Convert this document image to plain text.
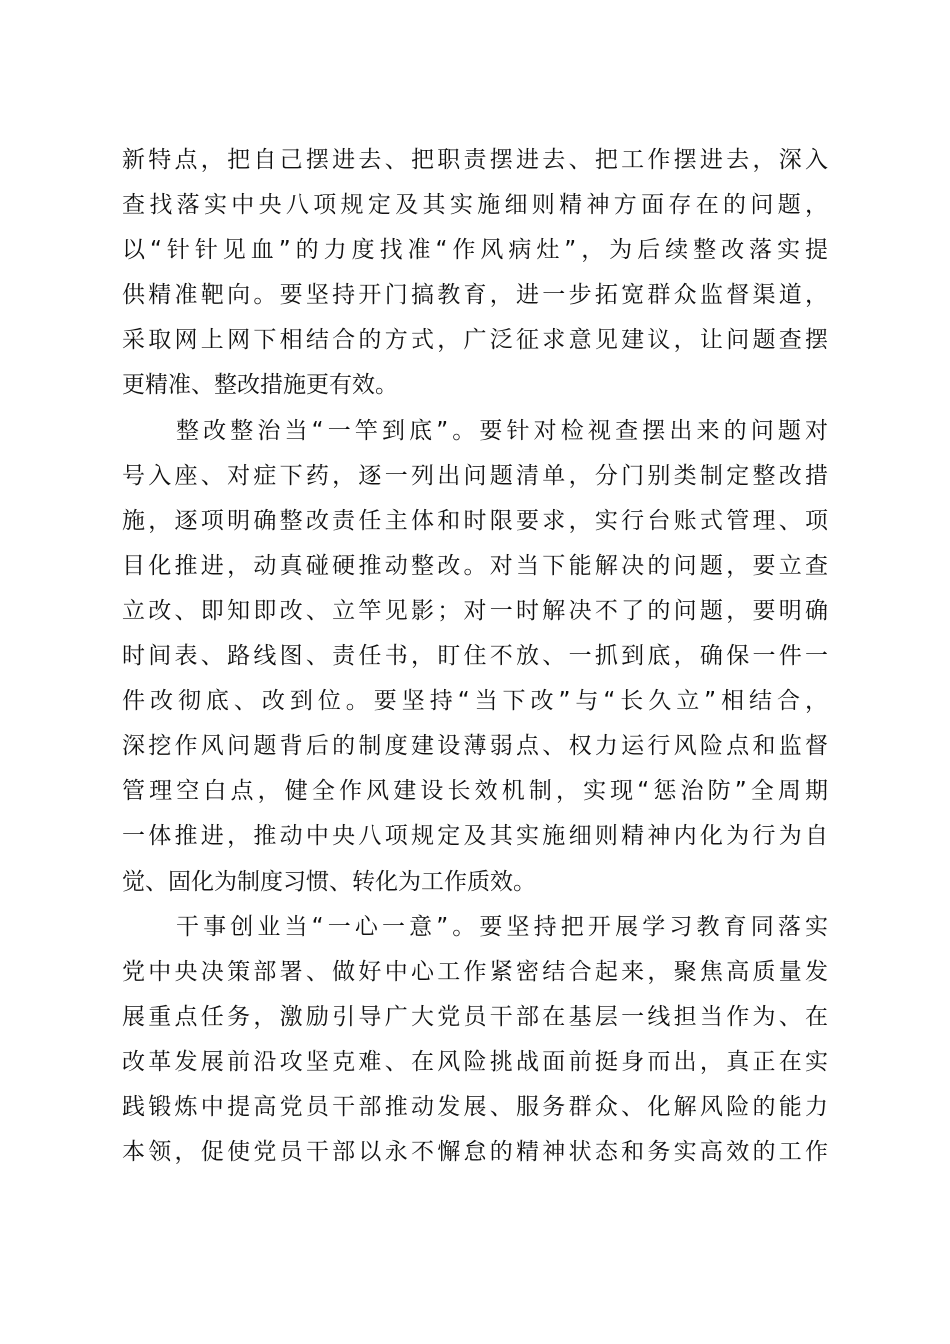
新特点，把自己摆进去、把职责摆进去、把工作摆进去，深入
查找落实中央八项规定及其实施细则精神方面存在的问题，
以“针针见血”的力度找准“作风病灶”，为后续整改落实提
供精准靶向。要坚持开门搞教育，进一步拓宽群众监督渠道，
采取网上网下相结合的方式，广泛征求意见建议，让问题查摆
更精准、整改措施更有效。
整改整治当“一竿到底”。要针对检视查摆出来的问题对
号入座、对症下药，逐一列出问题清单，分门别类制定整改措
施，逐项明确整改责任主体和时限要求，实行台账式管理、项
目化推进，动真碰硬推动整改。对当下能解决的问题，要立查
立改、即知即改、立竿见影；对一时解决不了的问题，要明确
时间表、路线图、责任书，盯住不放、一抓到底，确保一件一
件改彻底、改到位。要坚持“当下改”与“长久立”相结合，
深挖作风问题背后的制度建设薄弱点、权力运行风险点和监督
管理空白点，健全作风建设长效机制，实现“惩治防”全周期
一体推进，推动中央八项规定及其实施细则精神内化为行为自
觉、固化为制度习惯、转化为工作质效。
干事创业当“一心一意”。要坚持把开展学习教育同落实
党中央决策部署、做好中心工作紧密结合起来，聚焦高质量发
展重点任务，激励引导广大党员干部在基层一线担当作为、在
改革发展前沿攻坚克难、在风险挑战面前挺身而出，真正在实
践锻炼中提高党员干部推动发展、服务群众、化解风险的能力
本领，促使党员干部以永不懈怠的精神状态和务实高效的工作
